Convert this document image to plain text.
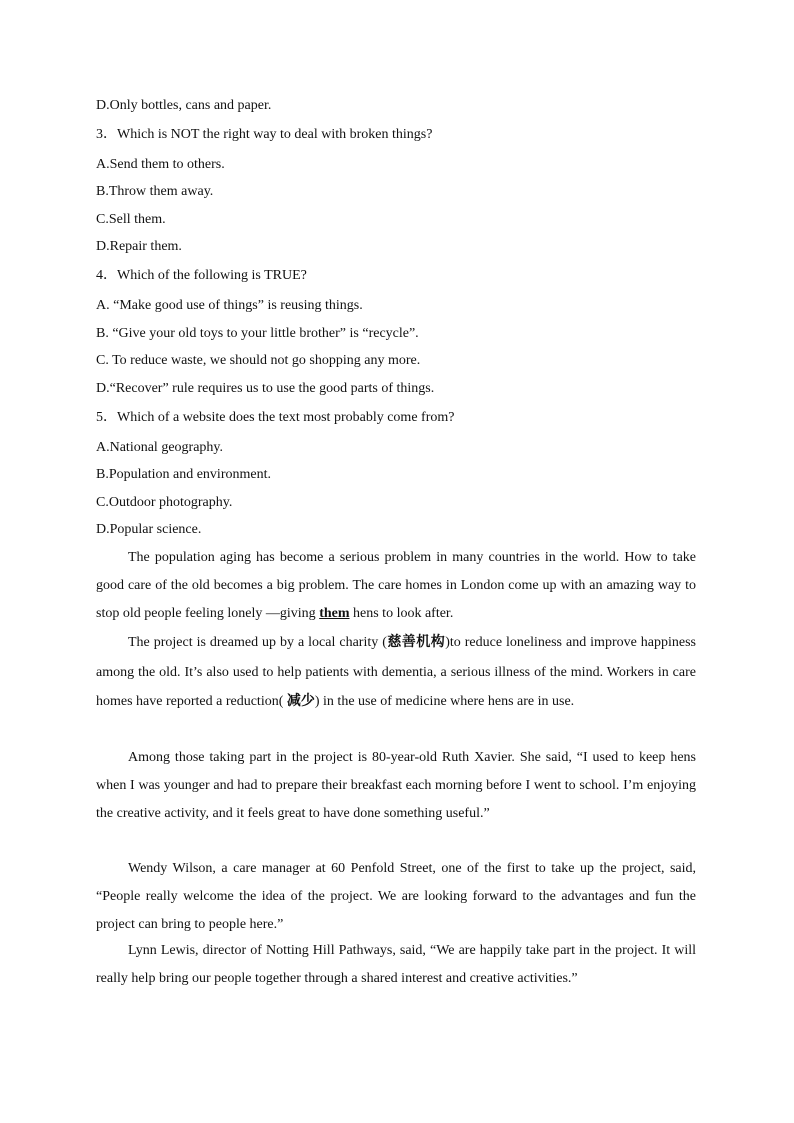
D.Only bottles, cans and paper.
3．Which is NOT the right way to deal with broken things?
A.Send them to others.
B.Throw them away.
C.Sell them.
D.Repair them.
4．Which of the following is TRUE?
A. “Make good use of things” is reusing things.
B. “Give your old toys to your little brother” is “recycle”.
C. To reduce waste, we should not go shopping any more.
D.“Recover” rule requires us to use the good parts of things.
5．Which of a website does the text most probably come from?
A.National geography.
B.Population and environment.
C.Outdoor photography.
D.Popular science.
The population aging has become a serious problem in many countries in the world. How to take good care of the old becomes a big problem. The care homes in London come up with an amazing way to stop old people feeling lonely —giving them hens to look after.
The project is dreamed up by a local charity (慈善机构)to reduce loneliness and improve happiness among the old. It’s also used to help patients with dementia, a serious illness of the mind. Workers in care homes have reported a reduction( 减少) in the use of medicine where hens are in use.
Among those taking part in the project is 80-year-old Ruth Xavier. She said, “I used to keep hens when I was younger and had to prepare their breakfast each morning before I went to school. I’m enjoying the creative activity, and it feels great to have done something useful.”
Wendy Wilson, a care manager at 60 Penfold Street, one of the first to take up the project, said, “People really welcome the idea of the project. We are looking forward to the advantages and fun the project can bring to people here.”
Lynn Lewis, director of Notting Hill Pathways, said, “We are happily take part in the project. It will really help bring our people together through a shared interest and creative activities.”
